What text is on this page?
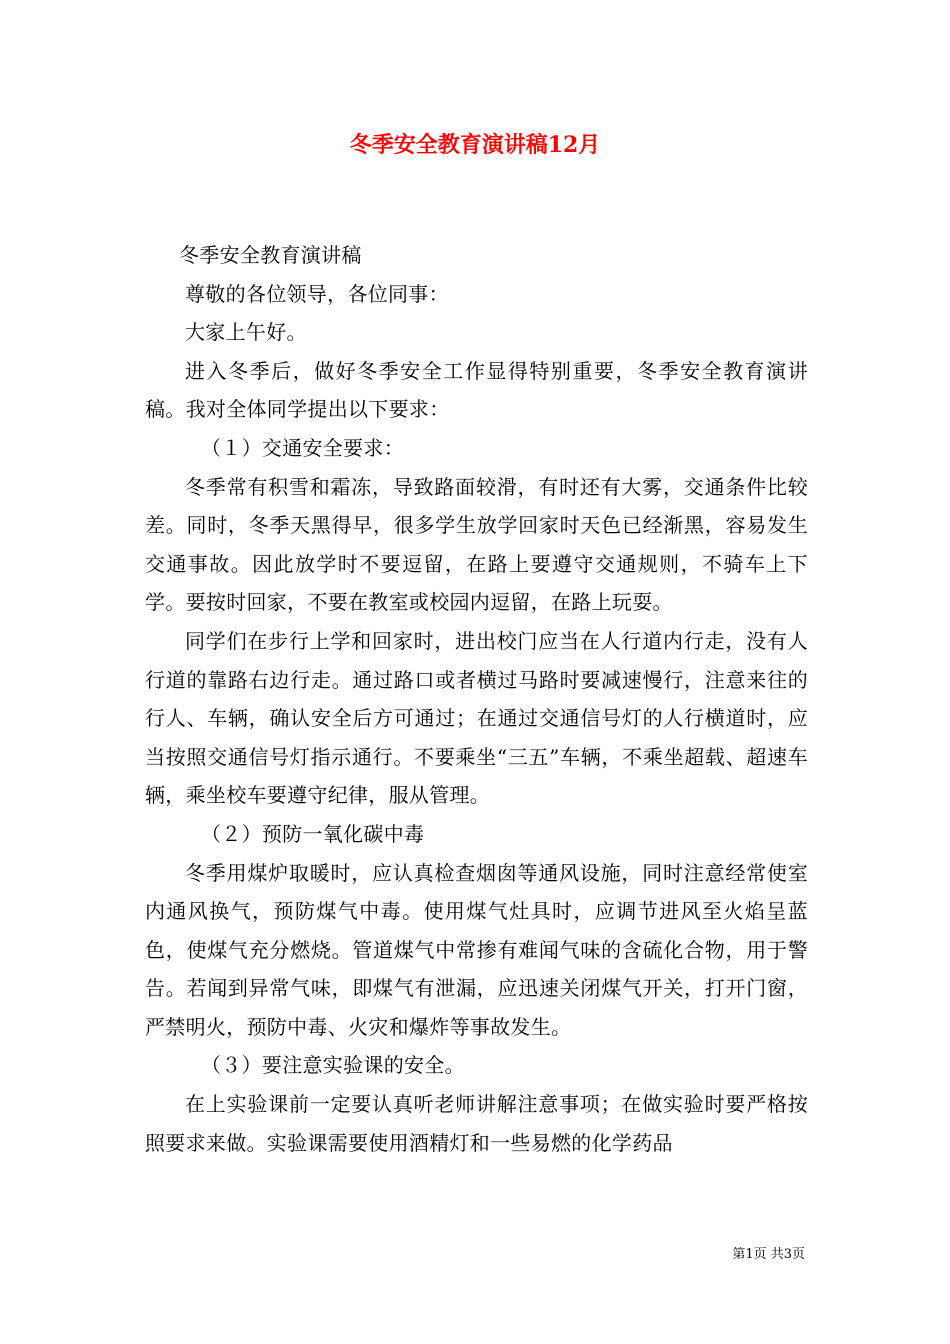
冬季安全教育演讲稿12月

冬季安全教育演讲稿

尊敬的各位领导，各位同事：

大家上午好。

进入冬季后，做好冬季安全工作显得特别重要，冬季安全教育演讲稿。我对全体同学提出以下要求：

（１）交通安全要求：

冬季常有积雪和霜冻，导致路面较滑，有时还有大雾，交通条件比较差。同时，冬季天黑得早，很多学生放学回家时天色已经渐黑，容易发生交通事故。因此放学时不要逗留，在路上要遵守交通规则，不骑车上下学。要按时回家，不要在教室或校园内逗留，在路上玩耍。

同学们在步行上学和回家时，进出校门应当在人行道内行走，没有人行道的靠路右边行走。通过路口或者横过马路时要减速慢行，注意来往的行人、车辆，确认安全后方可通过；在通过交通信号灯的人行横道时，应当按照交通信号灯指示通行。不要乘坐“三五”车辆，不乘坐超载、超速车辆，乘坐校车要遵守纪律，服从管理。

（２）预防一氧化碳中毒

冬季用煤炉取暖时，应认真检查烟囱等通风设施，同时注意经常使室内通风换气，预防煤气中毒。使用煤气灶具时，应调节进风至火焰呈蓝色，使煤气充分燃烧。管道煤气中常掺有难闻气味的含硫化合物，用于警告。若闻到异常气味，即煤气有泄漏，应迅速关闭煤气开关，打开门窗，严禁明火，预防中毒、火灾和爆炸等事故发生。

（３）要注意实验课的安全。

在上实验课前一定要认真听老师讲解注意事项；在做实验时要严格按照要求来做。实验课需要使用酒精灯和一些易燃的化学药品

第1页 共3页
